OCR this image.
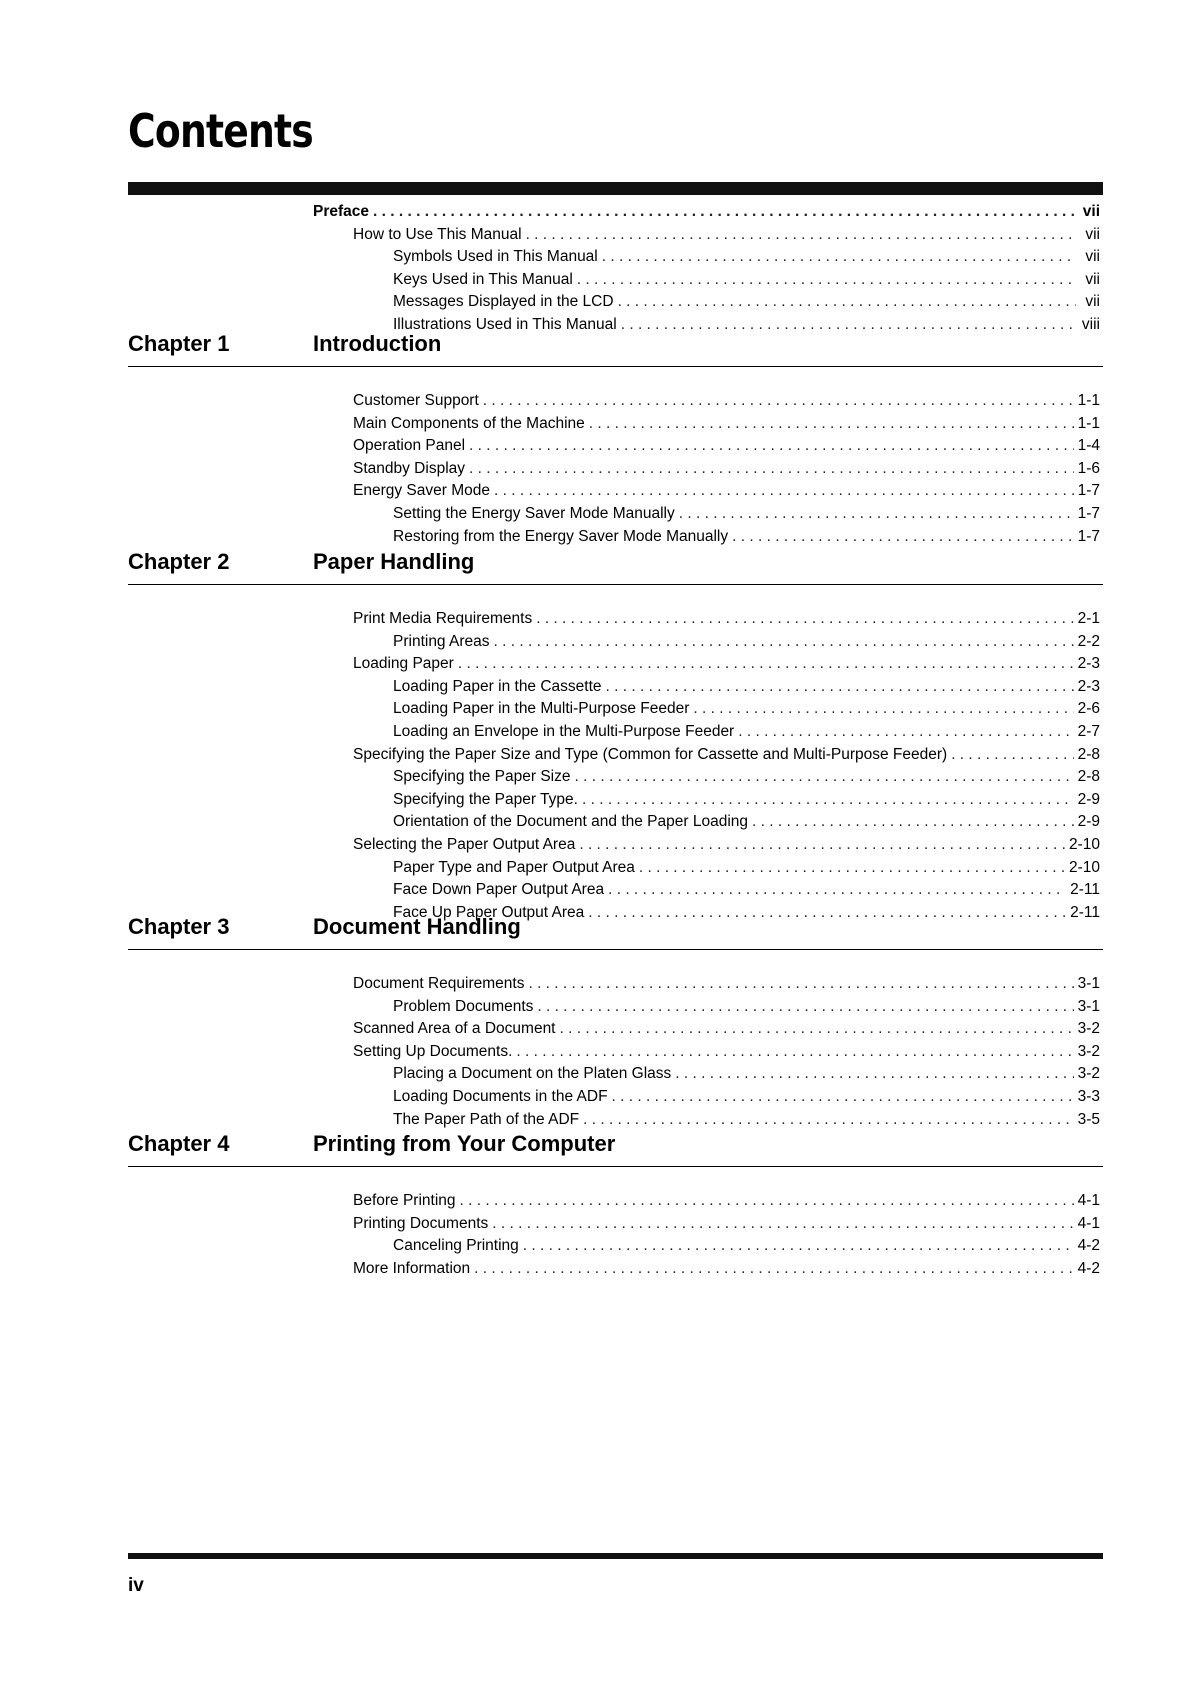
Contents
Preface . . .	vii
How to Use This Manual . . .	vii
Symbols Used in This Manual . . .	vii
Keys Used in This Manual . . .	vii
Messages Displayed in the LCD . . .	vii
Illustrations Used in This Manual . . .	viii
Chapter 1	Introduction
Customer Support . . .	1-1
Main Components of the Machine . . .	1-1
Operation Panel . . .	1-4
Standby Display . . .	1-6
Energy Saver Mode . . .	1-7
Setting the Energy Saver Mode Manually . . .	1-7
Restoring from the Energy Saver Mode Manually . . .	1-7
Chapter 2	Paper Handling
Print Media Requirements . . .	2-1
Printing Areas . . .	2-2
Loading Paper . . .	2-3
Loading Paper in the Cassette . . .	2-3
Loading Paper in the Multi-Purpose Feeder . . .	2-6
Loading an Envelope in the Multi-Purpose Feeder . . .	2-7
Specifying the Paper Size and Type (Common for Cassette and Multi-Purpose Feeder) . . .	2-8
Specifying the Paper Size . . .	2-8
Specifying the Paper Type. . . .	2-9
Orientation of the Document and the Paper Loading . . .	2-9
Selecting the Paper Output Area . . .	2-10
Paper Type and Paper Output Area . . .	2-10
Face Down Paper Output Area . . .	2-11
Face Up Paper Output Area . . .	2-11
Chapter 3	Document Handling
Document Requirements . . .	3-1
Problem Documents . . .	3-1
Scanned Area of a Document . . .	3-2
Setting Up Documents. . . .	3-2
Placing a Document on the Platen Glass . . .	3-2
Loading Documents in the ADF . . .	3-3
The Paper Path of the ADF . . .	3-5
Chapter 4	Printing from Your Computer
Before Printing . . .	4-1
Printing Documents . . .	4-1
Canceling Printing . . .	4-2
More Information . . .	4-2
iv
